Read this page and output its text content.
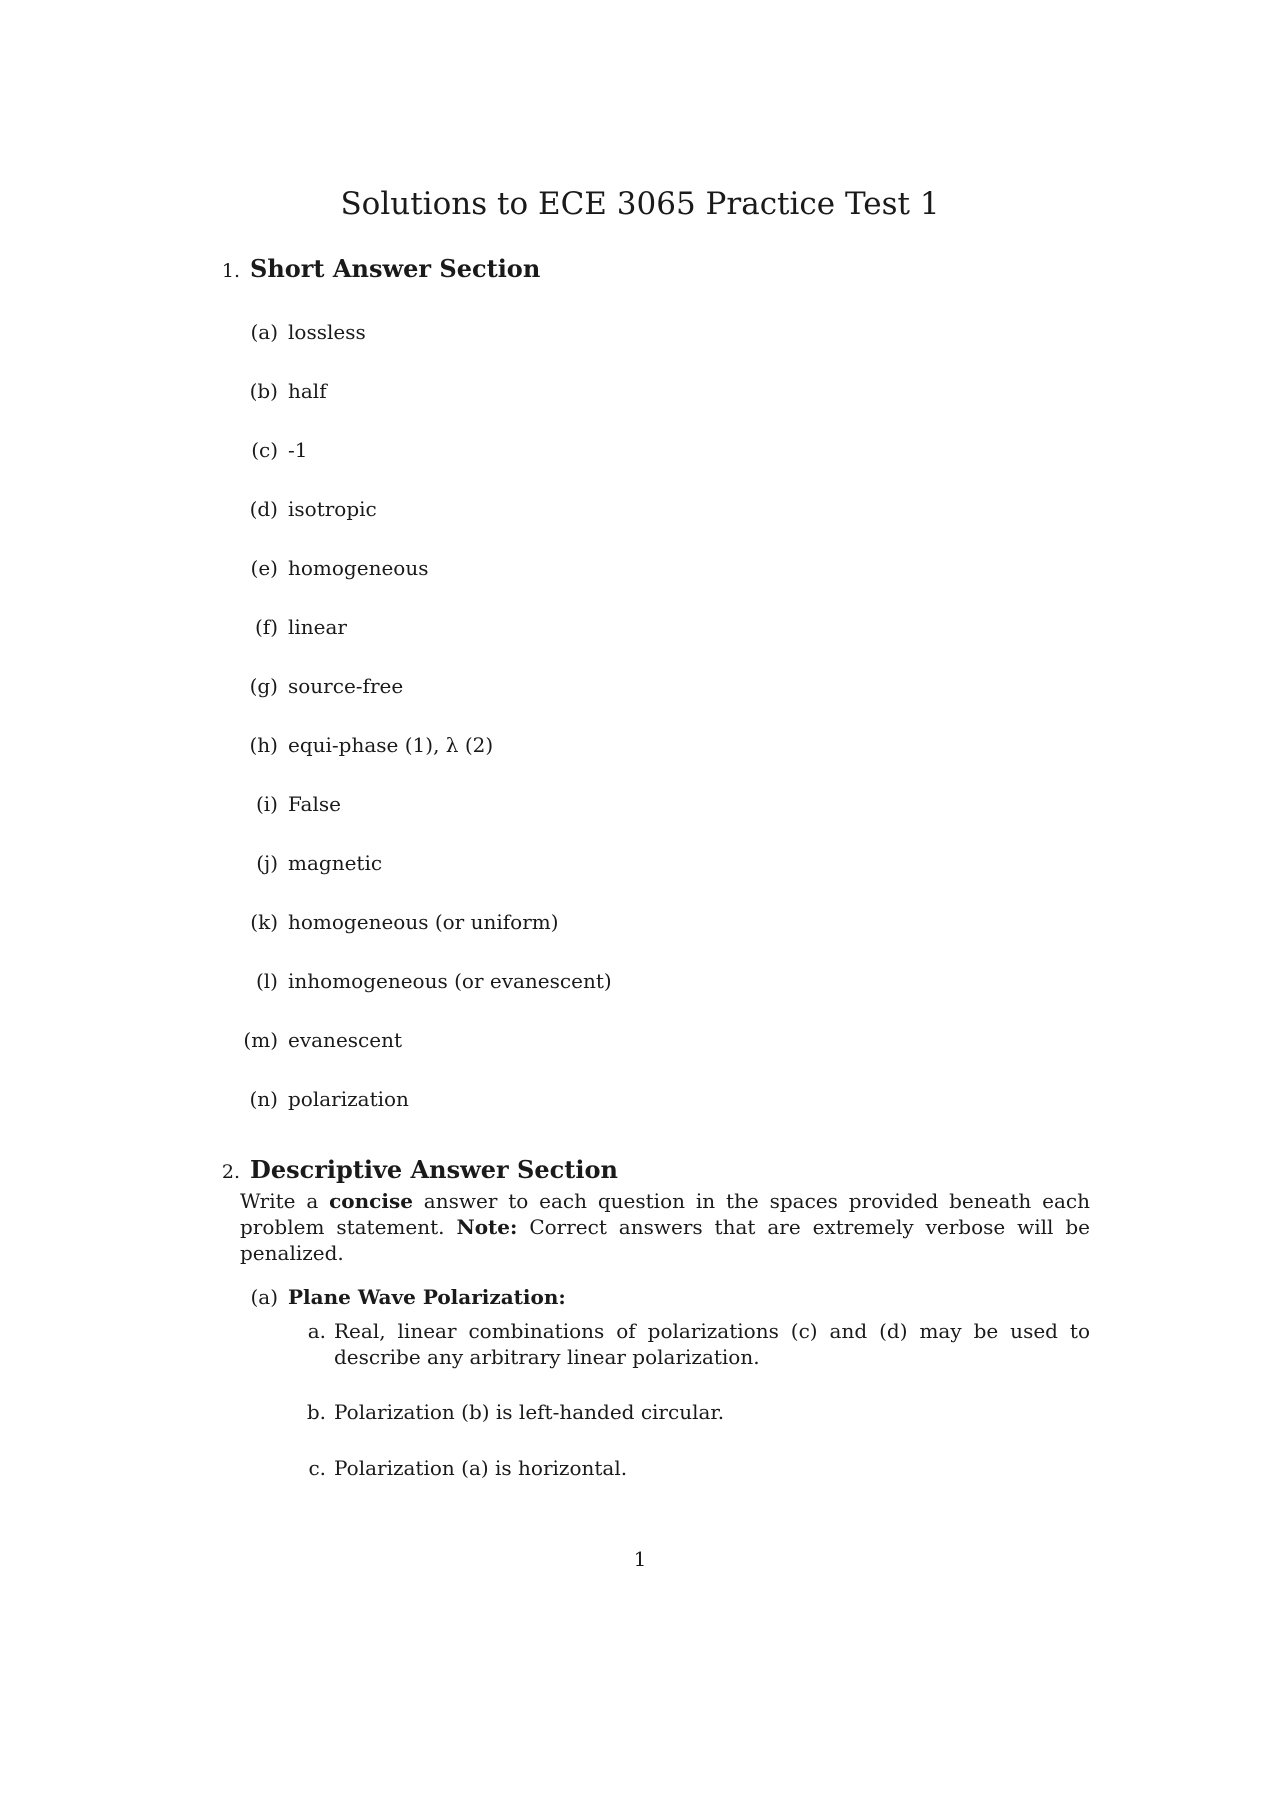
Solutions to ECE 3065 Practice Test 1
1. Short Answer Section
(a) lossless
(b) half
(c) -1
(d) isotropic
(e) homogeneous
(f) linear
(g) source-free
(h) equi-phase (1), λ (2)
(i) False
(j) magnetic
(k) homogeneous (or uniform)
(l) inhomogeneous (or evanescent)
(m) evanescent
(n) polarization
2. Descriptive Answer Section

Write a concise answer to each question in the spaces provided beneath each problem statement. Note: Correct answers that are extremely verbose will be penalized.

(a) Plane Wave Polarization:
a. Real, linear combinations of polarizations (c) and (d) may be used to describe any arbitrary linear polarization.
b. Polarization (b) is left-handed circular.
c. Polarization (a) is horizontal.
1
